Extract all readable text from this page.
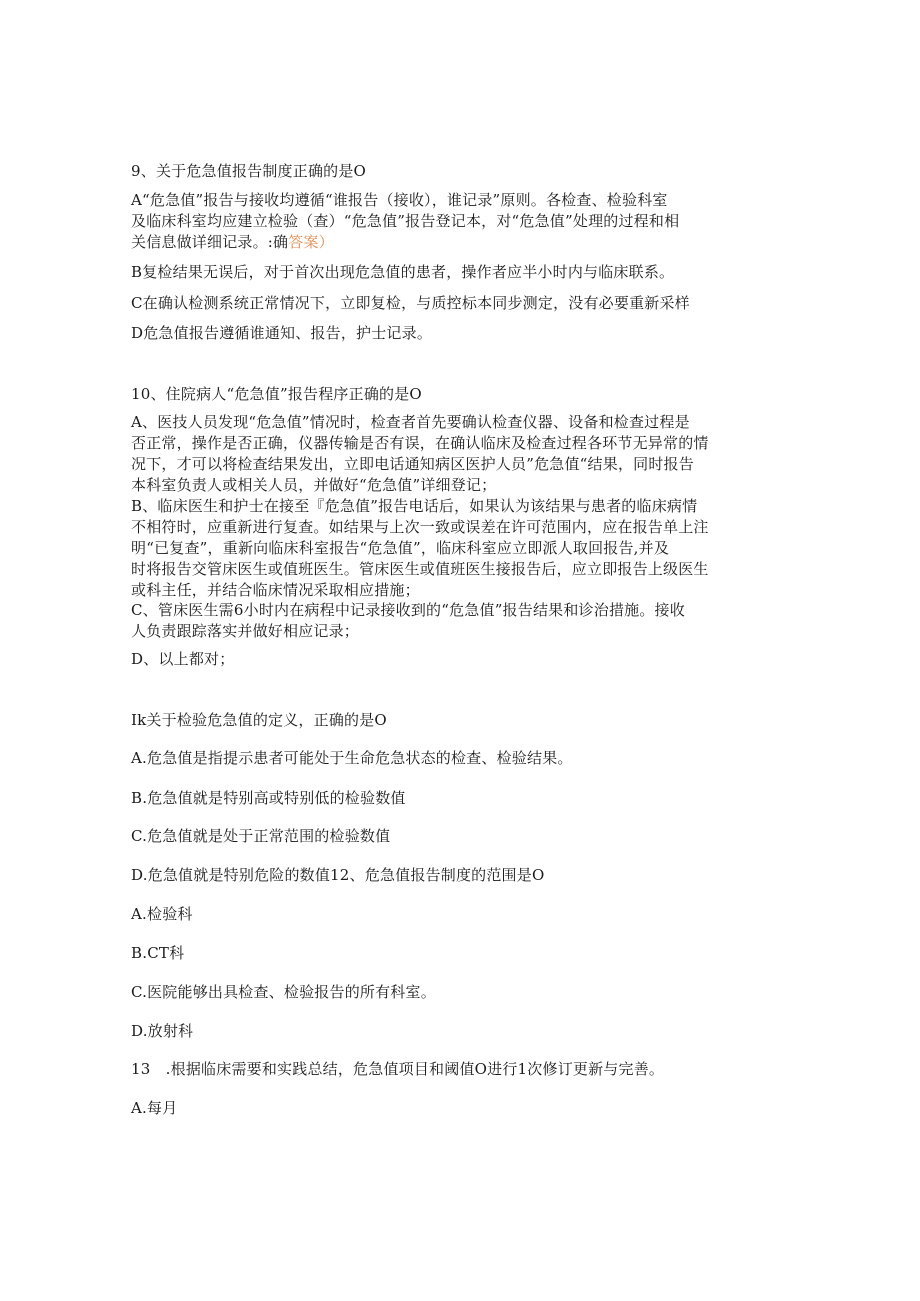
9、关于危急值报告制度正确的是O
A“危急值”报告与接收均遵循“谁报告（接收），谁记录”原则。各检查、检验科室
及临床科室均应建立检验（查）“危急值”报告登记本，对“危急值”处理的过程和相
关信息做详细记录。:确答案）
B复检结果无误后，对于首次出现危急值的患者，操作者应半小时内与临床联系。
C在确认检测系统正常情况下，立即复检，与质控标本同步测定，没有必要重新采样
D危急值报告遵循谁通知、报告，护士记录。
10、住院病人“危急值”报告程序正确的是O
A、医技人员发现“危急值”情况时，检查者首先要确认检查仪器、设备和检查过程是
否正常，操作是否正确，仪器传输是否有误，在确认临床及检查过程各环节无异常的情
况下，才可以将检查结果发出，立即电话通知病区医护人员”危急值“结果，同时报告
本科室负责人或相关人员，并做好“危急值”详细登记；
B、临床医生和护士在接至『危急值”报告电话后，如果认为该结果与患者的临床病情
不相符时，应重新进行复查。如结果与上次一致或误差在许可范围内，应在报告单上注
明“已复查”，重新向临床科室报告“危急值”，临床科室应立即派人取回报告,并及
时将报告交管床医生或值班医生。管床医生或值班医生接报告后，应立即报告上级医生
或科主任，并结合临床情况采取相应措施；
C、管床医生需6小时内在病程中记录接收到的“危急值”报告结果和诊治措施。接收
人负责跟踪落实并做好相应记录；
D、以上都对；
Ik关于检验危急值的定义，正确的是O
A.危急值是指提示患者可能处于生命危急状态的检查、检验结果。
B.危急值就是特别高或特别低的检验数值
C.危急值就是处于正常范围的检验数值
D.危急值就是特别危险的数值12、危急值报告制度的范围是O
A.检验科
B.CT科
C.医院能够出具检查、检验报告的所有科室。
D.放射科
13　.根据临床需要和实践总结，危急值项目和阈值O进行1次修订更新与完善。
A.每月
